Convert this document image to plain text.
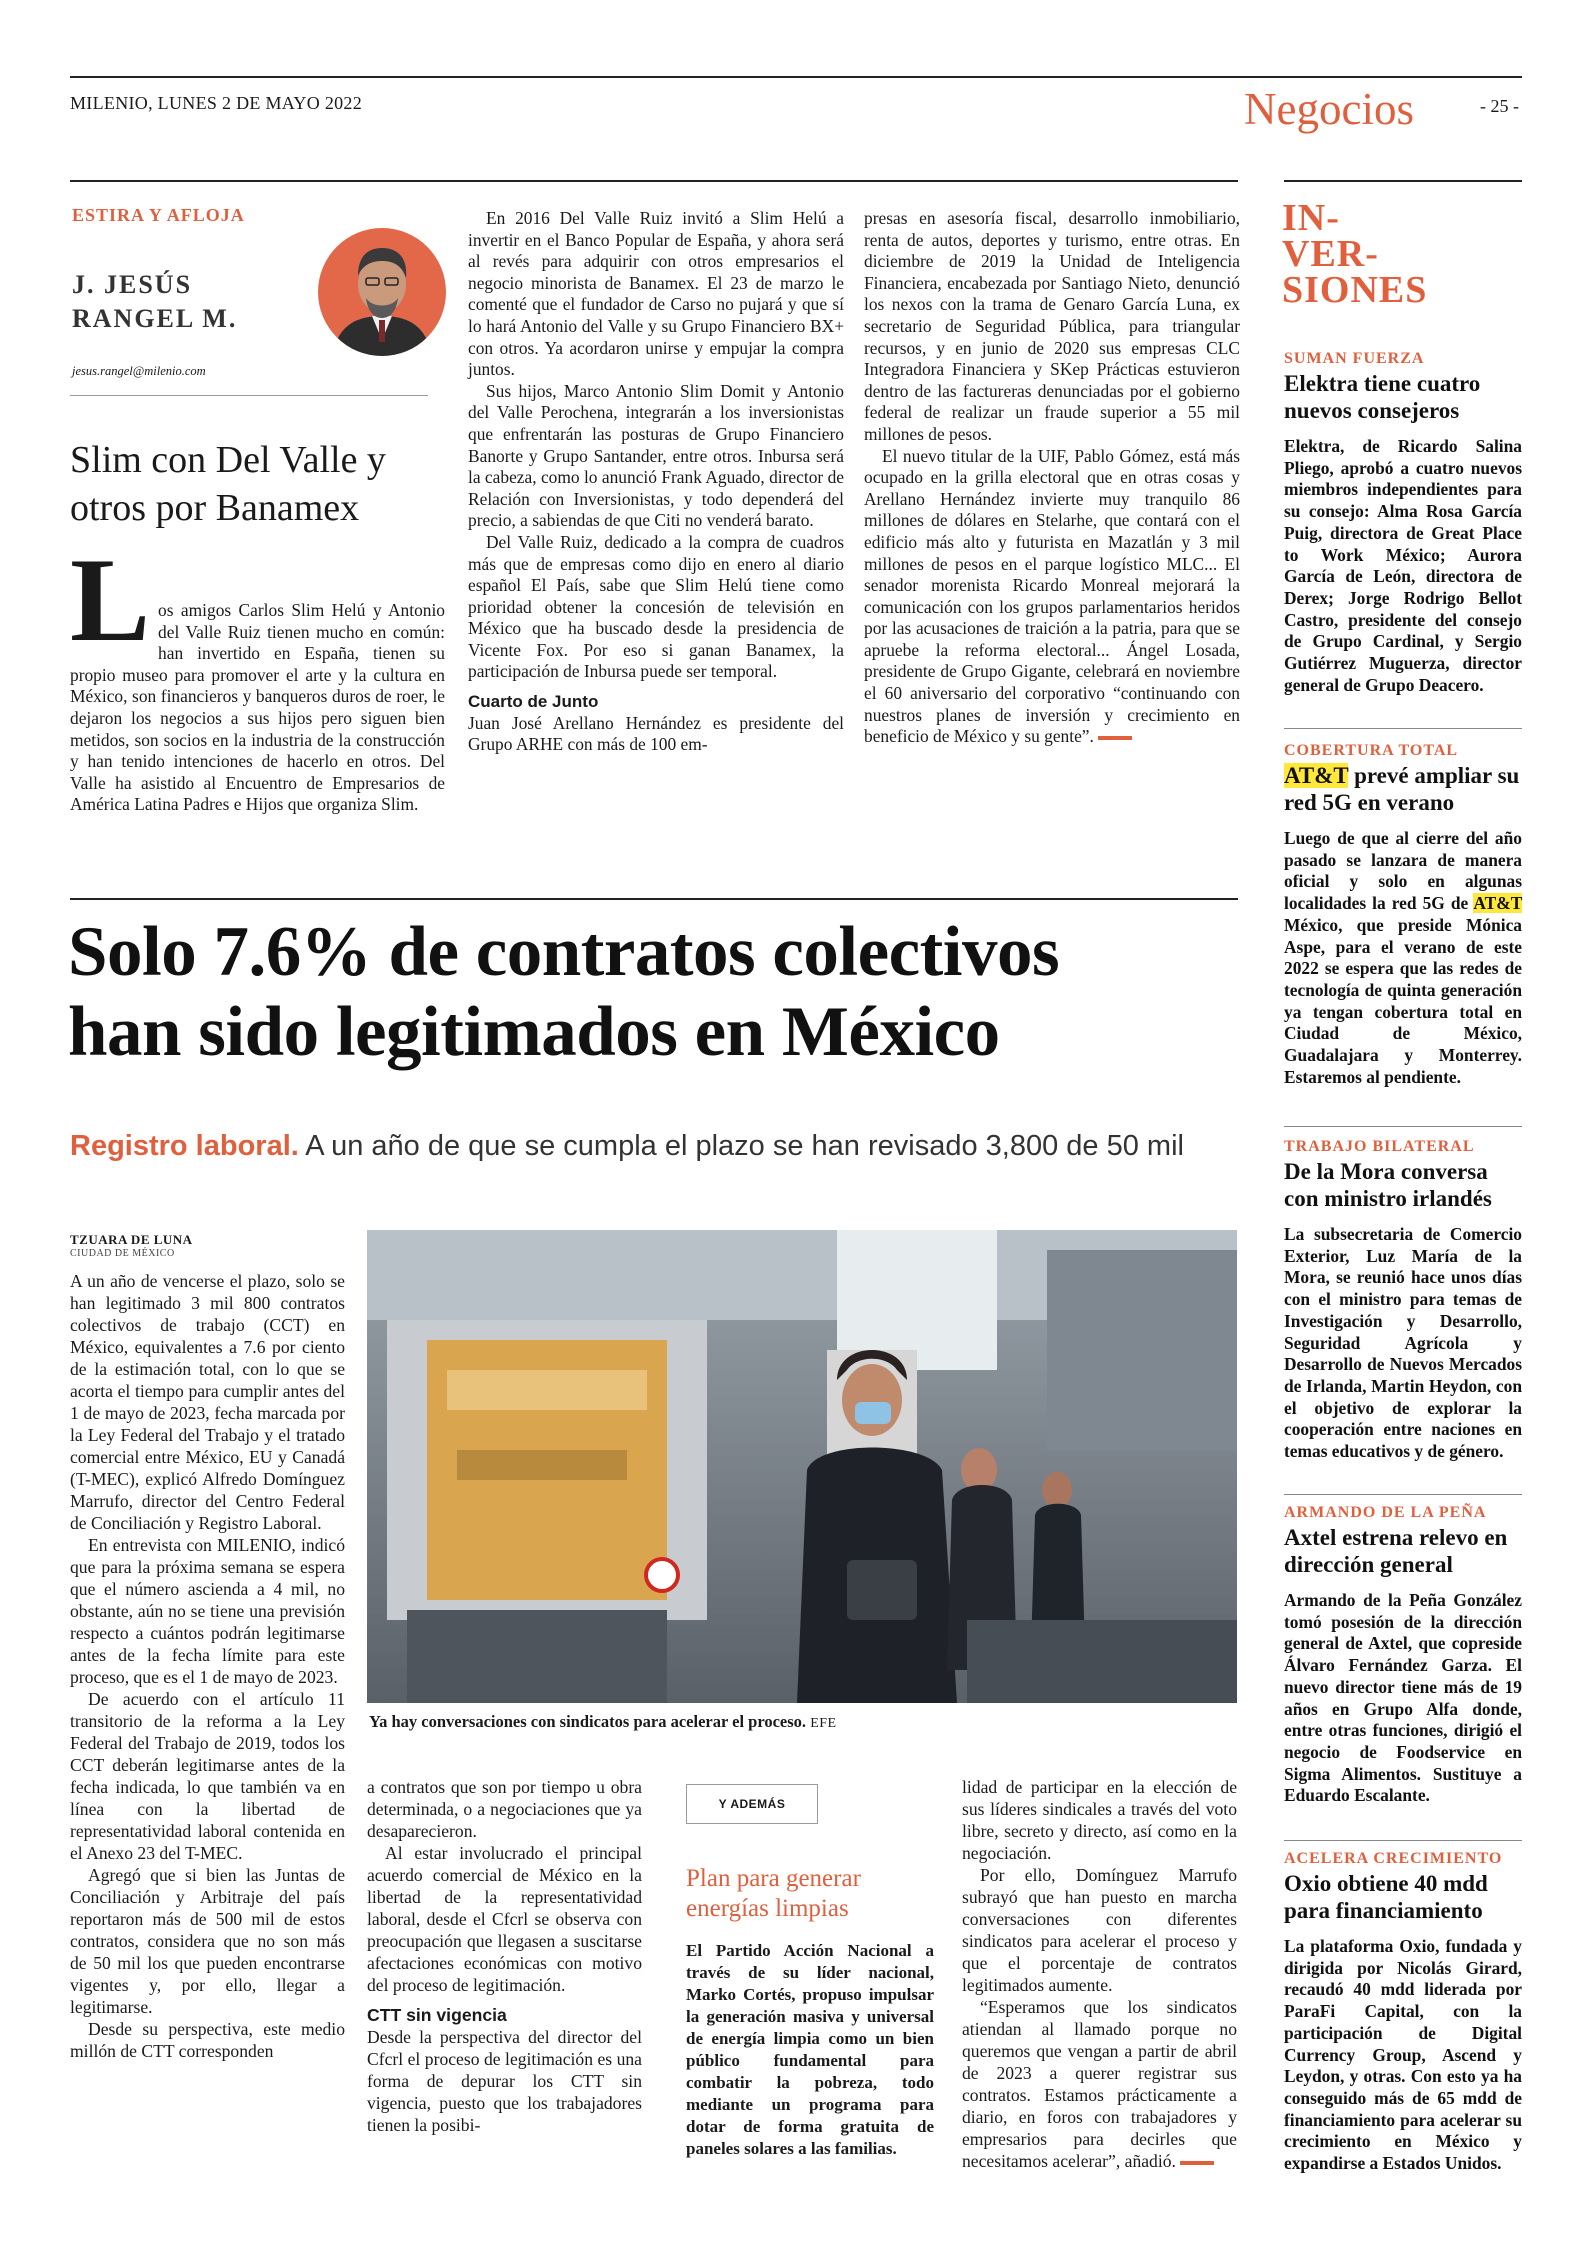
MILENIO, LUNES 2 DE MAYO 2022	Negocios	- 25 -
ESTIRA Y AFLOJA
J. JESÚS
RANGEL M.
jesus.rangel@milenio.com
Slim con Del Valle y otros por Banamex
L os amigos Carlos Slim Helú y Antonio del Valle Ruiz tienen mucho en común: han invertido en España, tienen su propio museo para promover el arte y la cultura en México, son financieros y banqueros duros de roer, le dejaron los negocios a sus hijos pero siguen bien metidos, son socios en la industria de la construcción y han tenido intenciones de hacerlo en otros. Del Valle ha asistido al Encuentro de Empresarios de América Latina Padres e Hijos que organiza Slim.

En 2016 Del Valle Ruiz invitó a Slim Helú a invertir en el Banco Popular de España, y ahora será al revés para adquirir con otros empresarios el negocio minorista de Banamex. El 23 de marzo le comenté que el fundador de Carso no pujará y que sí lo hará Antonio del Valle y su Grupo Financiero BX+ con otros. Ya acordaron unirse y empujar la compra juntos.

Sus hijos, Marco Antonio Slim Domit y Antonio del Valle Perochena, integrarán a los inversionistas que enfrentarán las posturas de Grupo Financiero Banorte y Grupo Santander, entre otros. Inbursa será la cabeza, como lo anunció Frank Aguado, director de Relación con Inversionistas, y todo dependerá del precio, a sabiendas de que Citi no venderá barato.

Del Valle Ruiz, dedicado a la compra de cuadros más que de empresas como dijo en enero al diario español El País, sabe que Slim Helú tiene como prioridad obtener la concesión de televisión en México que ha buscado desde la presidencia de Vicente Fox. Por eso si ganan Banamex, la participación de Inbursa puede ser temporal.

Cuarto de Junto

Juan José Arellano Hernández es presidente del Grupo ARHE con más de 100 em-

presas en asesoría fiscal, desarrollo inmobiliario, renta de autos, deportes y turismo, entre otras. En diciembre de 2019 la Unidad de Inteligencia Financiera, encabezada por Santiago Nieto, denunció los nexos con la trama de Genaro García Luna, ex secretario de Seguridad Pública, para triangular recursos, y en junio de 2020 sus empresas CLC Integradora Financiera y SKep Prácticas estuvieron dentro de las factureras denunciadas por el gobierno federal de realizar un fraude superior a 55 mil millones de pesos.

El nuevo titular de la UIF, Pablo Gómez, está más ocupado en la grilla electoral que en otras cosas y Arellano Hernández invierte muy tranquilo 86 millones de dólares en Stelarhe, que contará con el edificio más alto y futurista en Mazatlán y 3 mil millones de pesos en el parque logístico MLC... El senador morenista Ricardo Monreal mejorará la comunicación con los grupos parlamentarios heridos por las acusaciones de traición a la patria, para que se apruebe la reforma electoral... Ángel Losada, presidente de Grupo Gigante, celebrará en noviembre el 60 aniversario del corporativo “continuando con nuestros planes de inversión y crecimiento en beneficio de México y su gente”.

Solo 7.6% de contratos colectivos
han sido legitimados en México
Registro laboral. A un año de que se cumpla el plazo se han revisado 3,800 de 50 mil
TZUARA DE LUNA
CIUDAD DE MÉXICO

A un año de vencerse el plazo, solo se han legitimado 3 mil 800 contratos colectivos de trabajo (CCT) en México, equivalentes a 7.6 por ciento de la estimación total, con lo que se acorta el tiempo para cumplir antes del 1 de mayo de 2023, fecha marcada por la Ley Federal del Trabajo y el tratado comercial entre México, EU y Canadá (T-MEC), explicó Alfredo Domínguez Marrufo, director del Centro Federal de Conciliación y Registro Laboral.

En entrevista con MILENIO, indicó que para la próxima semana se espera que el número ascienda a 4 mil, no obstante, aún no se tiene una previsión respecto a cuántos podrán legitimarse antes de la fecha límite para este proceso, que es el 1 de mayo de 2023.

De acuerdo con el artículo 11 transitorio de la reforma a la Ley Federal del Trabajo de 2019, todos los CCT deberán legitimarse antes de la fecha indicada, lo que también va en línea con la libertad de representatividad laboral contenida en el Anexo 23 del T-MEC.

Agregó que si bien las Juntas de Conciliación y Arbitraje del país reportaron más de 500 mil de estos contratos, considera que no son más de 50 mil los que pueden encontrarse vigentes y, por ello, llegar a legitimarse.

Desde su perspectiva, este medio millón de CTT corresponden

Ya hay conversaciones con sindicatos para acelerar el proceso. EFE

a contratos que son por tiempo u obra determinada, o a negociaciones que ya desaparecieron.

Al estar involucrado el principal acuerdo comercial de México en la libertad de la representatividad laboral, desde el Cfcrl se observa con preocupación que llegasen a suscitarse afectaciones económicas con motivo del proceso de legitimación.

CTT sin vigencia

Desde la perspectiva del director del Cfcrl el proceso de legitimación es una forma de depurar los CTT sin vigencia, puesto que los trabajadores tienen la posibi-

Y ADEMÁS
Plan para generar energías limpias
El Partido Acción Nacional a través de su líder nacional, Marko Cortés, propuso impulsar la generación masiva y universal de energía limpia como un bien público fundamental para combatir la pobreza, todo mediante un programa para dotar de forma gratuita de paneles solares a las familias.

lidad de participar en la elección de sus líderes sindicales a través del voto libre, secreto y directo, así como en la negociación.

Por ello, Domínguez Marrufo subrayó que han puesto en marcha conversaciones con diferentes sindicatos para acelerar el proceso y que el porcentaje de contratos legitimados aumente.

“Esperamos que los sindicatos atiendan al llamado porque no queremos que vengan a partir de abril de 2023 a querer registrar sus contratos. Estamos prácticamente a diario, en foros con trabajadores y empresarios para decirles que necesitamos acelerar”, añadió.

IN-
VER-
SIONES
SUMAN FUERZA
Elektra tiene cuatro nuevos consejeros
Elektra, de Ricardo Salina Pliego, aprobó a cuatro nuevos miembros independientes para su consejo: Alma Rosa García Puig, directora de Great Place to Work México; Aurora García de León, directora de Derex; Jorge Rodrigo Bellot Castro, presidente del consejo de Grupo Cardinal, y Sergio Gutiérrez Muguerza, director general de Grupo Deacero.
COBERTURA TOTAL
AT&T prevé ampliar su red 5G en verano
Luego de que al cierre del año pasado se lanzara de manera oficial y solo en algunas localidades la red 5G de AT&T México, que preside Mónica Aspe, para el verano de este 2022 se espera que las redes de tecnología de quinta generación ya tengan cobertura total en Ciudad de México, Guadalajara y Monterrey. Estaremos al pendiente.
TRABAJO BILATERAL
De la Mora conversa con ministro irlandés
La subsecretaria de Comercio Exterior, Luz María de la Mora, se reunió hace unos días con el ministro para temas de Investigación y Desarrollo, Seguridad Agrícola y Desarrollo de Nuevos Mercados de Irlanda, Martin Heydon, con el objetivo de explorar la cooperación entre naciones en temas educativos y de género.
ARMANDO DE LA PEÑA
Axtel estrena relevo en dirección general
Armando de la Peña González tomó posesión de la dirección general de Axtel, que copreside Álvaro Fernández Garza. El nuevo director tiene más de 19 años en Grupo Alfa donde, entre otras funciones, dirigió el negocio de Foodservice en Sigma Alimentos. Sustituye a Eduardo Escalante.
ACELERA CRECIMIENTO
Oxio obtiene 40 mdd para financiamiento
La plataforma Oxio, fundada y dirigida por Nicolás Girard, recaudó 40 mdd liderada por ParaFi Capital, con la participación de Digital Currency Group, Ascend y Leydon, y otras. Con esto ya ha conseguido más de 65 mdd de financiamiento para acelerar su crecimiento en México y expandirse a Estados Unidos.
